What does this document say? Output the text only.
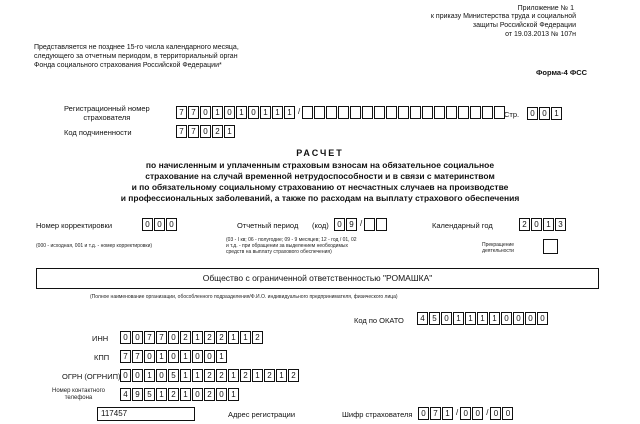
Приложение № 1
к приказу Министерства труда и социальной
защиты Российской Федерации
от 19.03.2013 № 107н
Представляется не позднее 15-го числа календарного месяца,
следующего за отчетным периодом, в территориальный орган
Фонда социального страхования Российской Федерации*
Форма-4 ФСС
Регистрационный номер
страхователя
7 7 0 1 0 1 0 1 1 1 /	Стр.	0 0 1
Код подчиненности	7 7 0 2 1
РАСЧЕТ
по начисленным и уплаченным страховым взносам на обязательное социальное
страхование на случай временной нетрудоспособности и в связи с материнством
и по обязательному социальному страхованию от несчастных случаев на производстве
и профессиональных заболеваний, а также по расходам на выплату страхового обеспечения
Номер корректировки	0 0 0
(000 - исходная, 001 и т.д. - номер корректировки)
Отчетный период (код)	0 9 /
(03 - I кв; 06 - полугодие; 09 - 9 месяцев; 12 - год / 01, 02
и т.д. - при обращении за выделением необходимых
средств на выплату страхового обеспечения)
Календарный год	2 0 1 3
Прекращение
деятельности
Общество с ограниченной ответственностью "РОМАШКА"
(Полное наименование организации, обособленного подразделения/Ф.И.О. индивидуального предпринимателя, физического лица)
Код по ОКАТО	4 5 0 1 1 1 1 0 0 0 0
ИНН	0 0 7 7 0 2 1 2 2 1 1 2
КПП	7 7 0 1 0 1 0 0 1
ОГРН (ОГРНИП) 0 0 1 0 5 1 1 2 2 1 2 1 2 1 2
Номер контактного
телефона	4 9 5 1 2 1 0 2 0 1
117457	Адрес регистрации	Шифр страхователя	0 7 1 / 0 0 / 0 0
